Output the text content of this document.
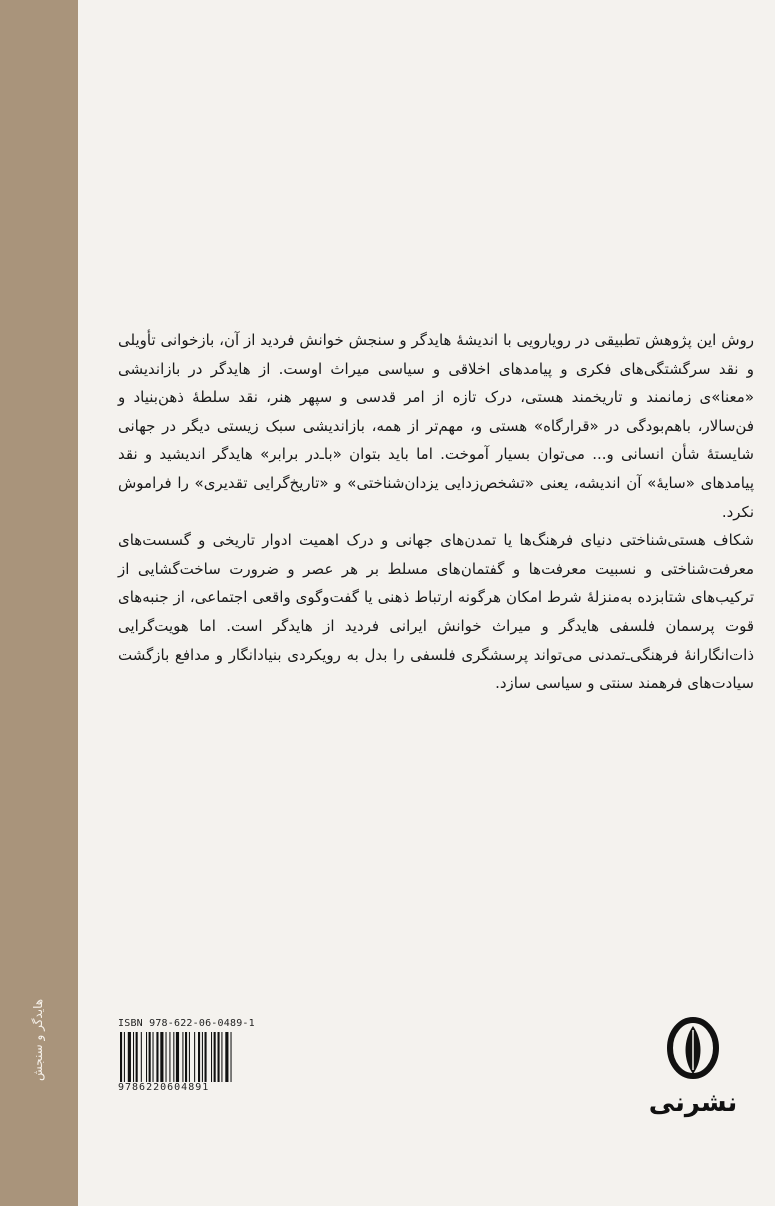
هایدگر و سنجش

روش این پژوهش تطبیقی در رویارویی با اندیشهٔ هایدگر و سنجش خوانش فردید از آن، بازخوانی تأویلی و نقد سرگشتگی‌های فکری و پیامدهای اخلاقی و سیاسی میراث اوست. از هایدگر در بازاندیشی «معنا»ی زمانمند و تاریخمند هستی، درک تازه از امر قدسی و سپهر هنر، نقد سلطهٔ ذهن‌بنیاد و فن‌سالار، باهم‌بودگی در «قرارگاه» هستی و، مهم‌تر از همه، بازاندیشی سبک زیستی دیگر در جهانی شایستهٔ شأن انسانی و... می‌توان بسیار آموخت. اما باید بتوان «با‌ـ‌در برابر» هایدگر اندیشید و نقد پیامدهای «سایهٔ» آن اندیشه، یعنی «تشخص‌زدایی یزدان‌شناختی» و «تاریخ‌گرایی تقدیری» را فراموش نکرد.

شکاف هستی‌شناختی دنیای فرهنگ‌ها یا تمدن‌های جهانی و درک اهمیت ادوار تاریخی و گسست‌های معرفت‌شناختی و نسبیت معرفت‌ها و گفتمان‌های مسلط بر هر عصر و ضرورت ساخت‌گشایی از ترکیب‌های شتابزده به‌منزلهٔ شرط امکان هرگونه ارتباط ذهنی یا گفت‌وگوی واقعی اجتماعی، از جنبه‌های قوت پرسمان فلسفی هایدگر و میراث خوانش ایرانی فردید از هایدگر است. اما هویت‌گرایی ذات‌انگارانهٔ فرهنگی‌ـ‌تمدنی می‌تواند پرسشگری فلسفی را بدل به رویکردی بنیادانگار و مدافع بازگشت سیادت‌های فرهمند سنتی و سیاسی سازد.

ISBN 978-622-06-0489-1
9786220604891
نشرنی
